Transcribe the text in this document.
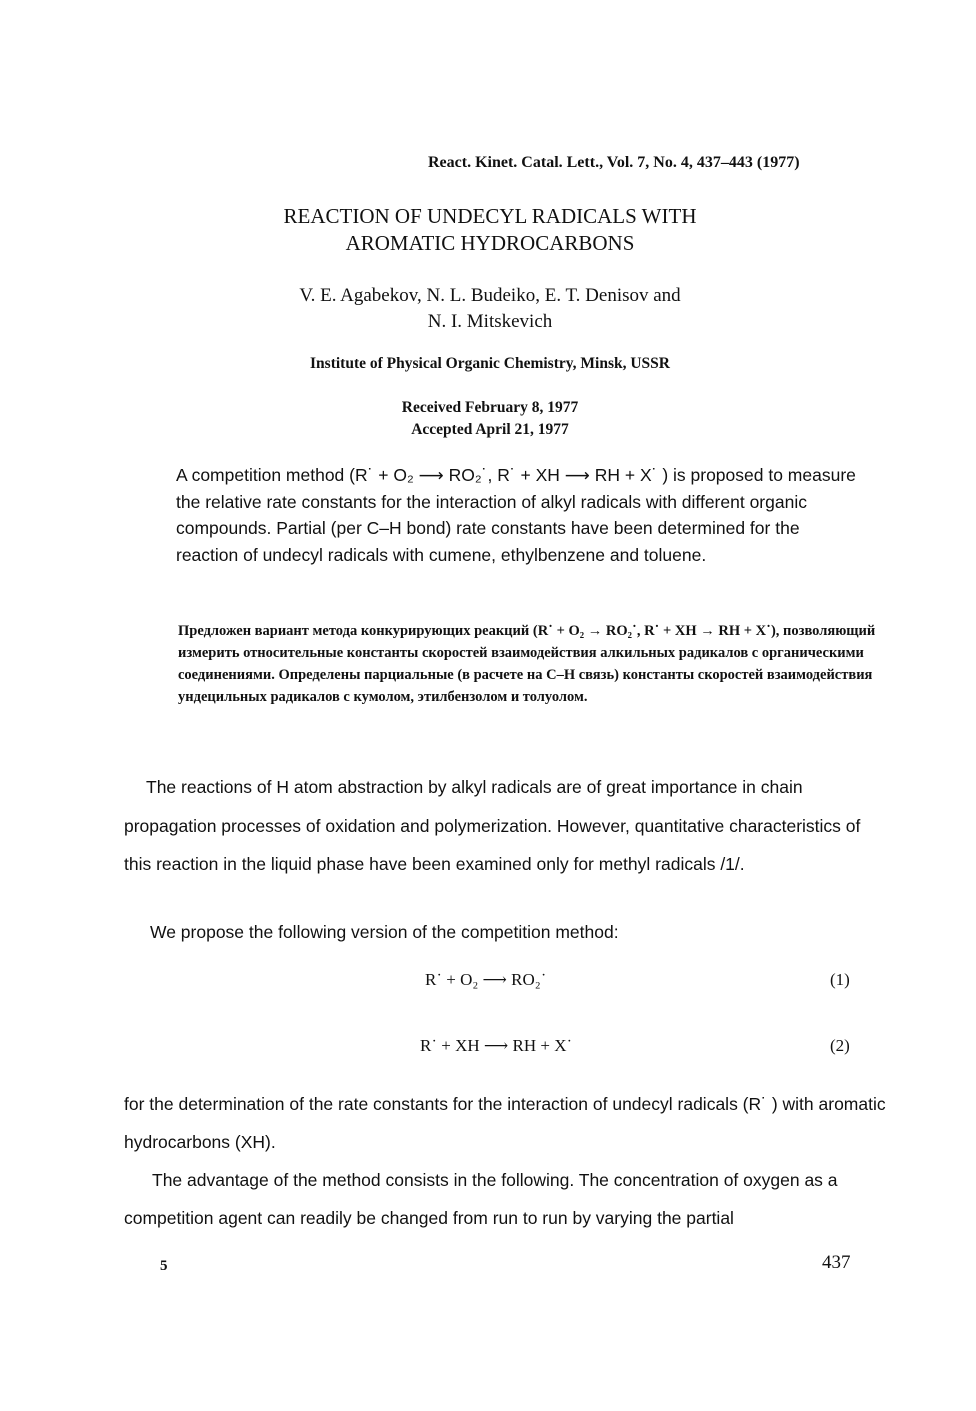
React. Kinet. Catal. Lett., Vol. 7, No. 4, 437–443 (1977)
REACTION OF UNDECYL RADICALS WITH
AROMATIC HYDROCARBONS
V. E. Agabekov, N. L. Budeiko, E. T. Denisov and
N. I. Mitskevich
Institute of Physical Organic Chemistry, Minsk, USSR
Received February 8, 1977
Accepted April 21, 1977
A competition method (R˙ + O₂ ⟶ RO₂˙, R˙ + XH ⟶ RH + X˙ ) is proposed to measure the relative rate constants for the interaction of alkyl radicals with different organic compounds. Partial (per C–H bond) rate constants have been determined for the reaction of undecyl radicals with cumene, ethylbenzene and toluene.
Предложен вариант метода конкурирующих реакций (R˙ + O₂ → RO₂˙, R˙ + XH → RH + X˙), позволяющий измерить относительные константы скоростей взаимодействия алкильных радикалов с органическими соединениями. Определены парциальные (в расчете на C–H связь) константы скоростей взаимодействия ундецильных радикалов с кумолом, этилбензолом и толуолом.
The reactions of H atom abstraction by alkyl radicals are of great importance in chain propagation processes of oxidation and polymerization. However, quantitative characteristics of this reaction in the liquid phase have been examined only for methyl radicals /1/.
We propose the following version of the competition method:
R˙ + O₂ ⟶ RO₂˙	(1)
R˙ + XH ⟶ RH + X˙	(2)
for the determination of the rate constants for the interaction of undecyl radicals (R˙ ) with aromatic hydrocarbons (XH).
The advantage of the method consists in the following. The concentration of oxygen as a competition agent can readily be changed from run to run by varying the partial
5	437
